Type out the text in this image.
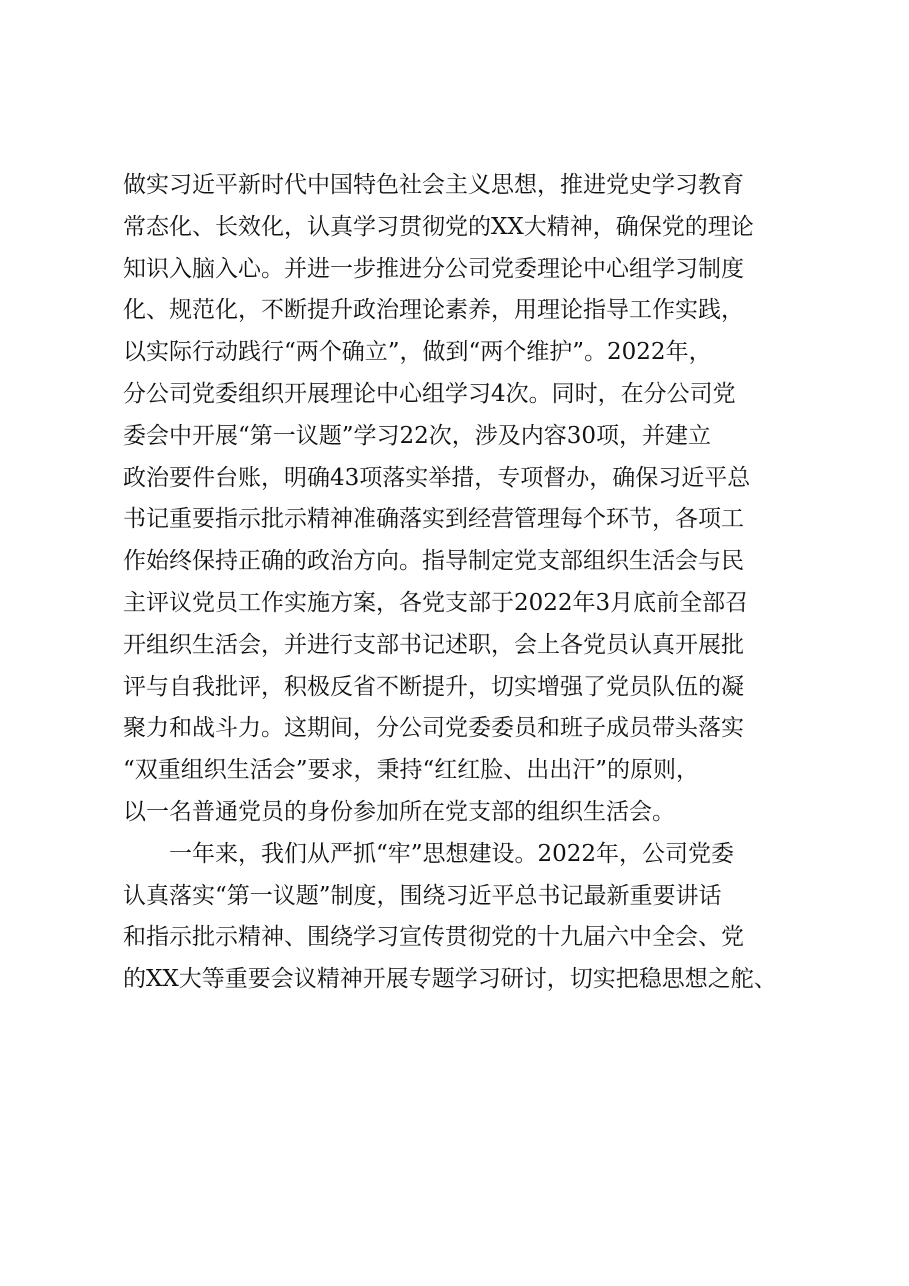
做实习近平新时代中国特色社会主义思想，推进党史学习教育
常态化、长效化，认真学习贯彻党的XX大精神，确保党的理论
知识入脑入心。并进一步推进分公司党委理论中心组学习制度
化、规范化，不断提升政治理论素养，用理论指导工作实践，
以实际行动践行“两个确立”，做到“两个维护”。2022年，
分公司党委组织开展理论中心组学习4次。同时，在分公司党
委会中开展“第一议题”学习22次，涉及内容30项，并建立
政治要件台账，明确43项落实举措，专项督办，确保习近平总
书记重要指示批示精神准确落实到经营管理每个环节，各项工
作始终保持正确的政治方向。指导制定党支部组织生活会与民
主评议党员工作实施方案，各党支部于2022年3月底前全部召
开组织生活会，并进行支部书记述职，会上各党员认真开展批
评与自我批评，积极反省不断提升，切实增强了党员队伍的凝
聚力和战斗力。这期间，分公司党委委员和班子成员带头落实
“双重组织生活会”要求，秉持“红红脸、出出汗”的原则，
以一名普通党员的身份参加所在党支部的组织生活会。
一年来，我们从严抓“牢”思想建设。2022年，公司党委
认真落实“第一议题”制度，围绕习近平总书记最新重要讲话
和指示批示精神、围绕学习宣传贯彻党的十九届六中全会、党
的XX大等重要会议精神开展专题学习研讨，切实把稳思想之舵、
